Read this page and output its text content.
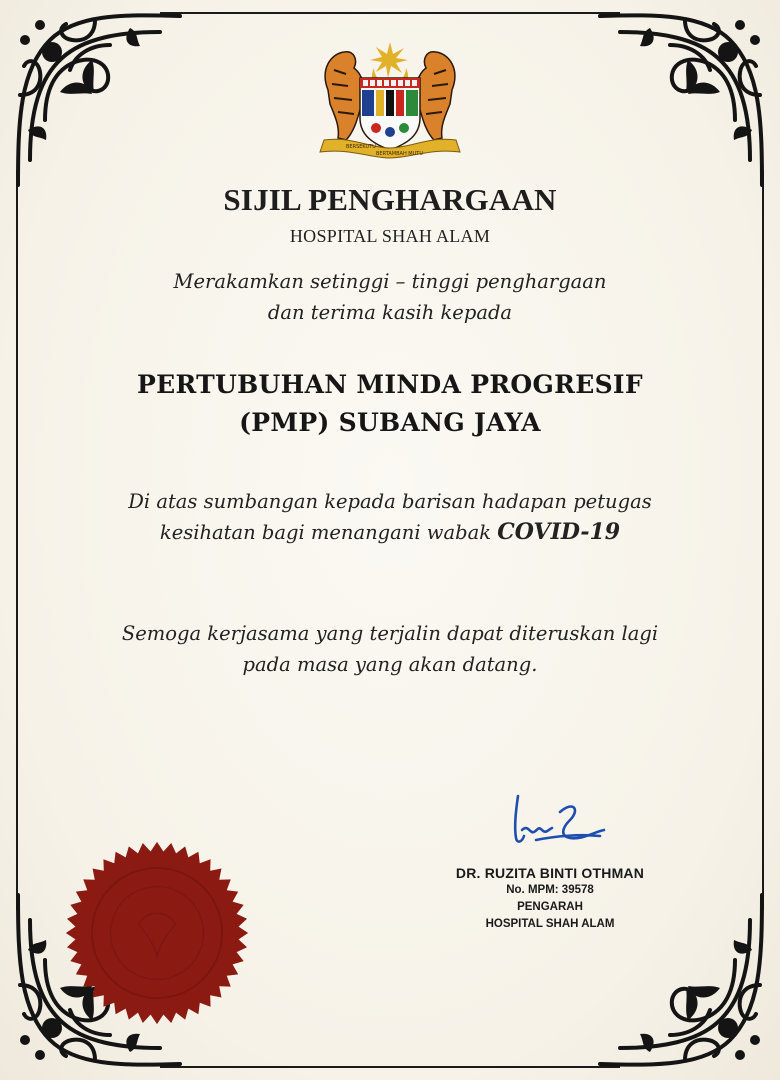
BERSEKUTU
BERTAMBAH MUTU
SIJIL PENGHARGAAN
HOSPITAL SHAH ALAM
Merakamkan setinggi – tinggi penghargaan
dan terima kasih kepada
PERTUBUHAN MINDA PROGRESIF
(PMP) SUBANG JAYA
Di atas sumbangan kepada barisan hadapan petugas
kesihatan bagi menangani wabak COVID-19
Semoga kerjasama yang terjalin dapat diteruskan lagi
pada masa yang akan datang.
DR. RUZITA BINTI OTHMAN
No. MPM: 39578
PENGARAH
HOSPITAL SHAH ALAM
